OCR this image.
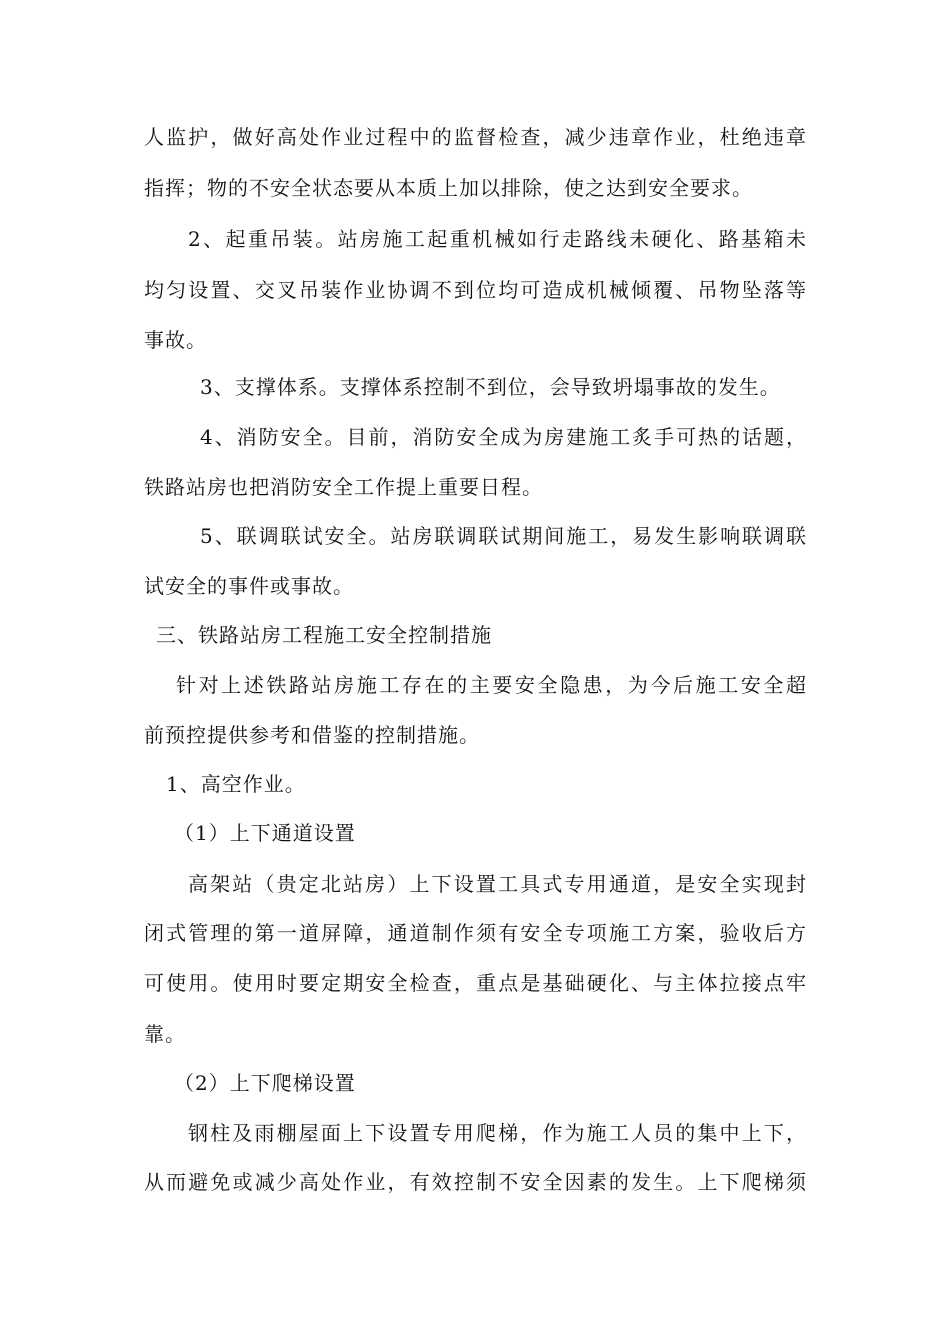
人监护，做好高处作业过程中的监督检查，减少违章作业，杜绝违章

指挥；物的不安全状态要从本质上加以排除，使之达到安全要求。

2、起重吊装。站房施工起重机械如行走路线未硬化、路基箱未

均匀设置、交叉吊装作业协调不到位均可造成机械倾覆、吊物坠落等

事故。

3、支撑体系。支撑体系控制不到位，会导致坍塌事故的发生。

4、消防安全。目前，消防安全成为房建施工炙手可热的话题，

铁路站房也把消防安全工作提上重要日程。

5、联调联试安全。站房联调联试期间施工，易发生影响联调联

试安全的事件或事故。

三、铁路站房工程施工安全控制措施

针对上述铁路站房施工存在的主要安全隐患，为今后施工安全超

前预控提供参考和借鉴的控制措施。

1、高空作业。

（1）上下通道设置

高架站（贵定北站房）上下设置工具式专用通道，是安全实现封

闭式管理的第一道屏障，通道制作须有安全专项施工方案，验收后方

可使用。使用时要定期安全检查，重点是基础硬化、与主体拉接点牢

靠。

（2）上下爬梯设置

钢柱及雨棚屋面上下设置专用爬梯，作为施工人员的集中上下，

从而避免或减少高处作业，有效控制不安全因素的发生。上下爬梯须
